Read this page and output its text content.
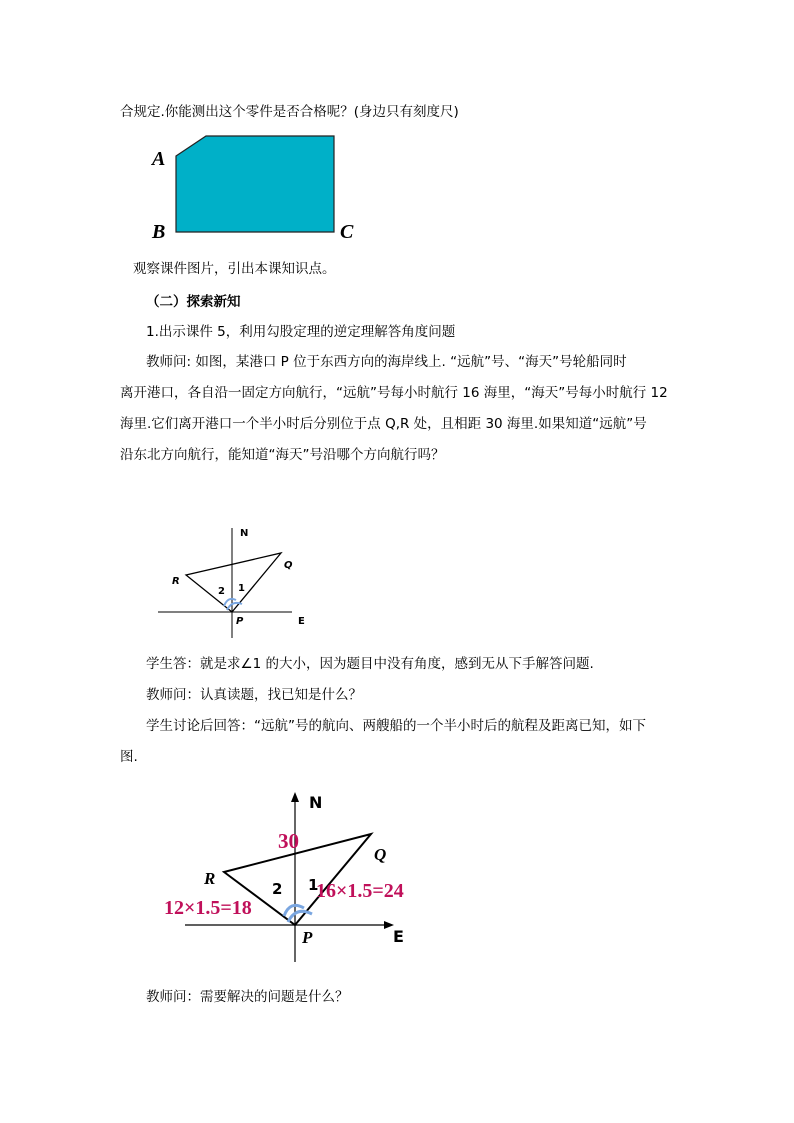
合规定.你能测出这个零件是否合格呢？(身边只有刻度尺)
A
B	C
观察课件图片，引出本课知识点。
（二）探索新知
1.出示课件 5，利用勾股定理的逆定理解答角度问题
教师问: 如图，某港口 P 位于东西方向的海岸线上. “远航”号、“海天”号轮船同时
离开港口，各自沿一固定方向航行，“远航”号每小时航行 16 海里，“海天”号每小时航行 12
海里.它们离开港口一个半小时后分别位于点 Q,R 处，且相距 30 海里.如果知道“远航”号
沿东北方向航行，能知道“海天”号沿哪个方向航行吗？
N
E
P
Q
R
1
2
学生答：就是求∠1 的大小，因为题目中没有角度，感到无从下手解答问题.
教师问：认真读题，找已知是什么？
学生讨论后回答：“远航”号的航向、两艘船的一个半小时后的航程及距离已知，如下
图.
N
E
P
Q
R	1
2
30
12×1.5=18
16×1.5=24
教师问：需要解决的问题是什么？
